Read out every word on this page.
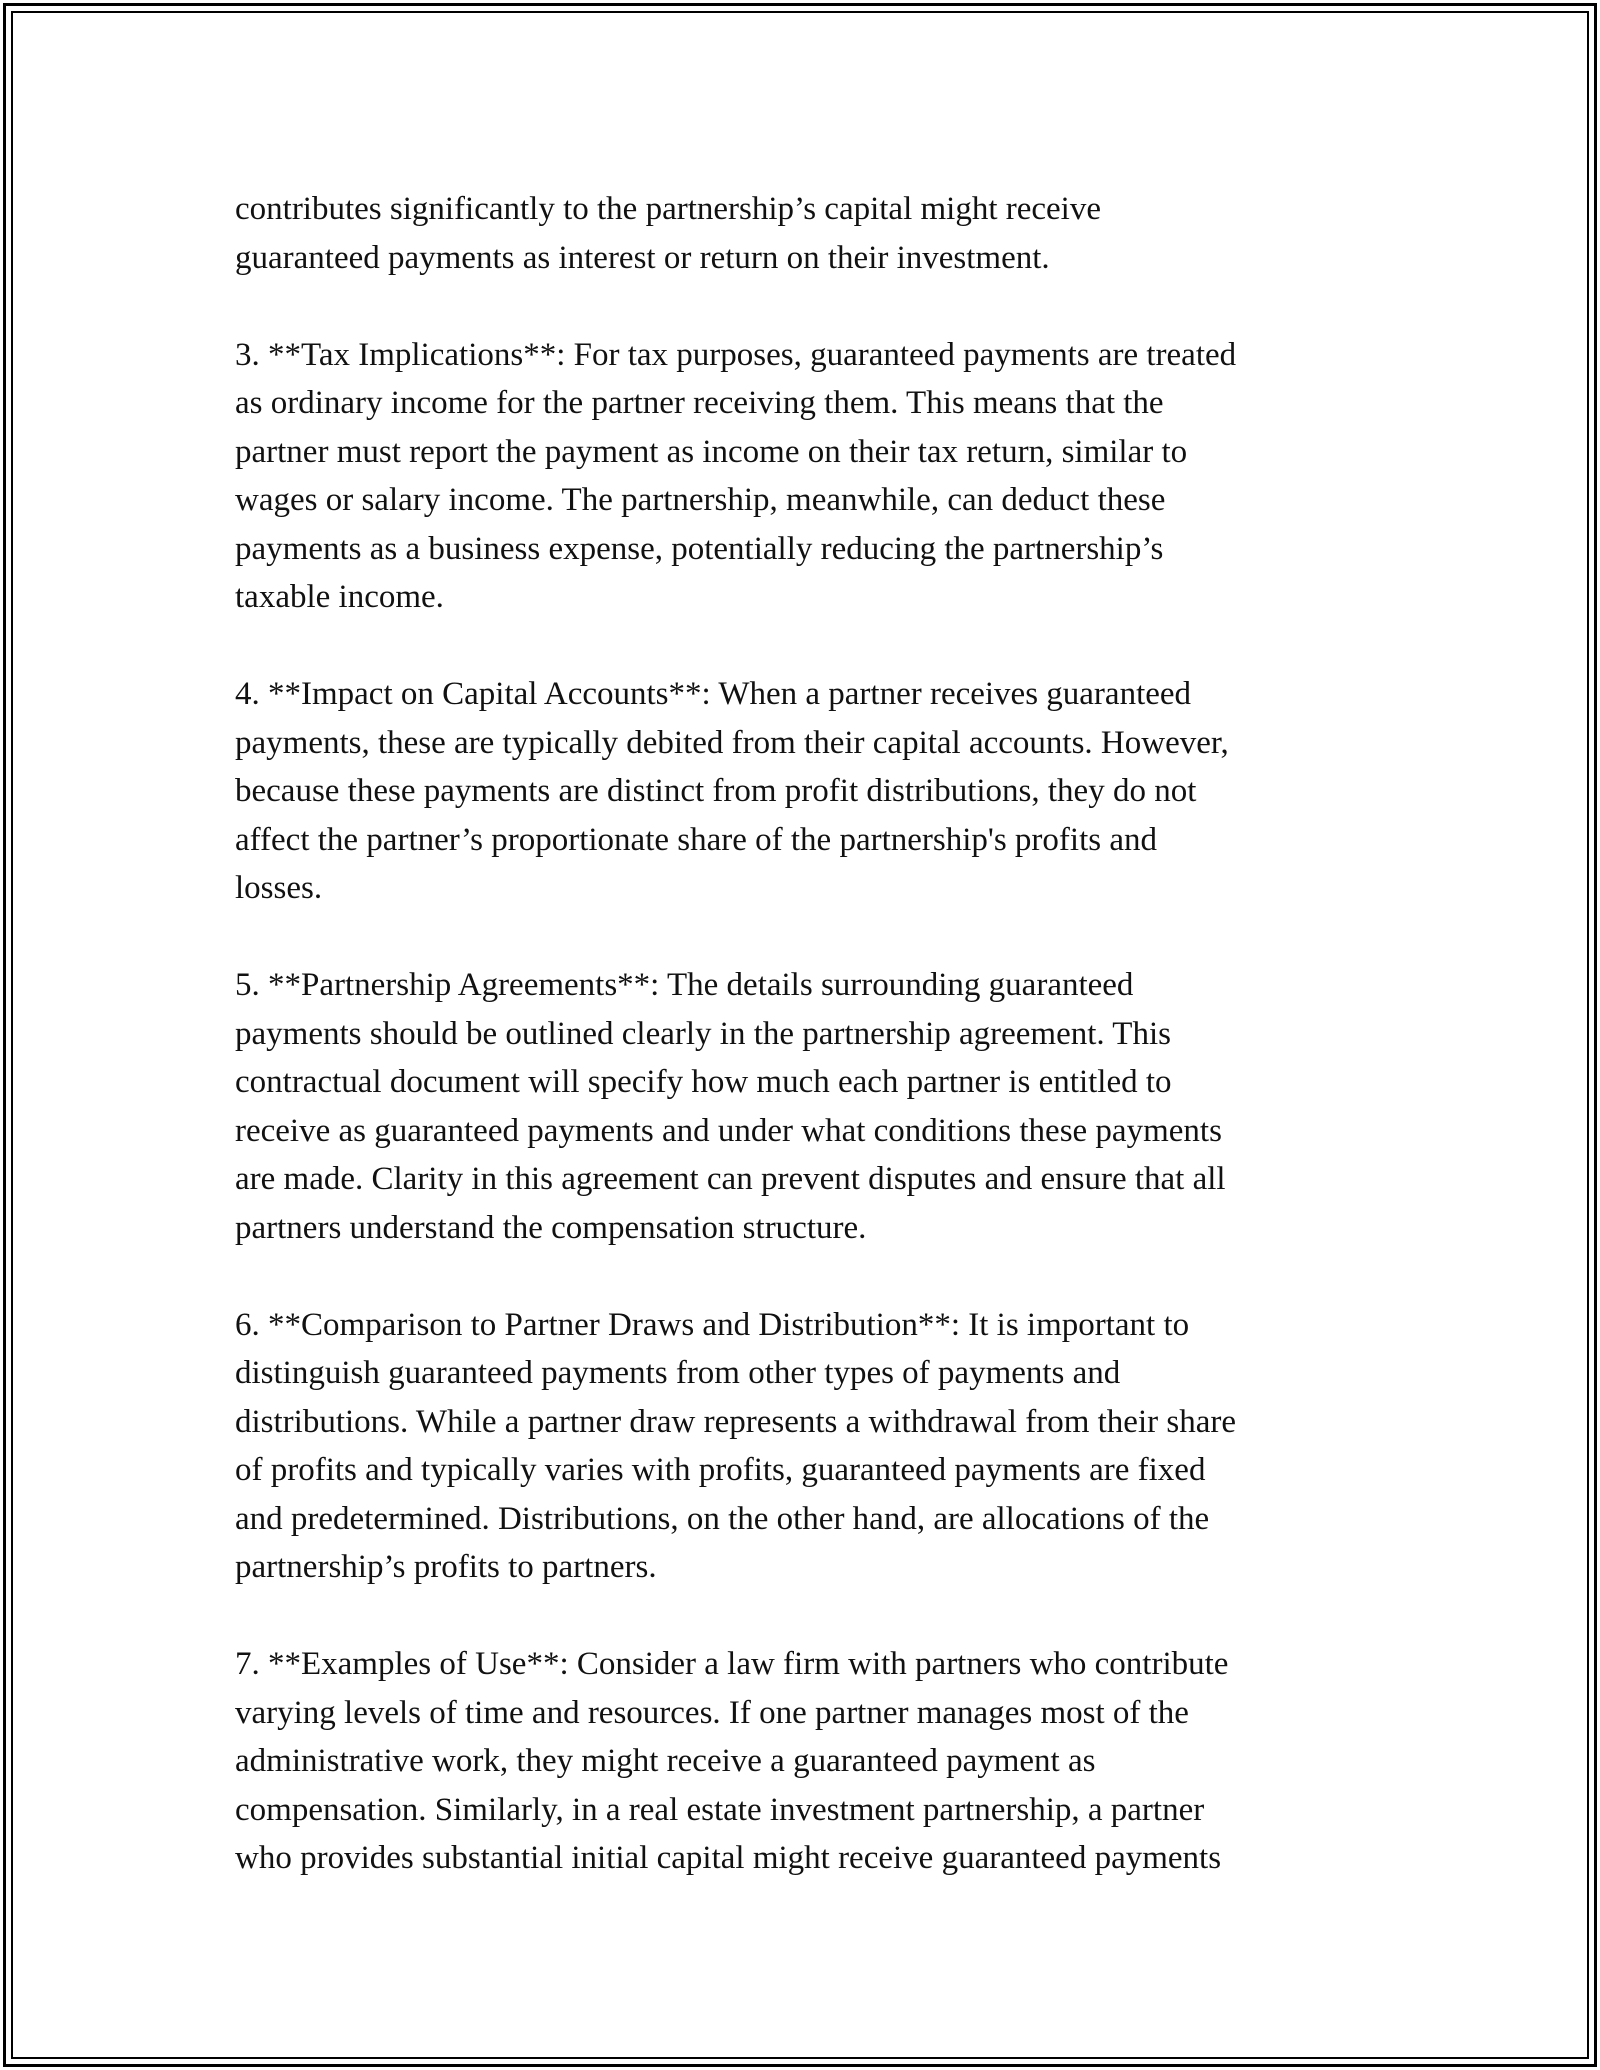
contributes significantly to the partnership’s capital might receive
guaranteed payments as interest or return on their investment.

3. **Tax Implications**: For tax purposes, guaranteed payments are treated
as ordinary income for the partner receiving them. This means that the
partner must report the payment as income on their tax return, similar to
wages or salary income. The partnership, meanwhile, can deduct these
payments as a business expense, potentially reducing the partnership’s
taxable income.

4. **Impact on Capital Accounts**: When a partner receives guaranteed
payments, these are typically debited from their capital accounts. However,
because these payments are distinct from profit distributions, they do not
affect the partner’s proportionate share of the partnership's profits and
losses.

5. **Partnership Agreements**: The details surrounding guaranteed
payments should be outlined clearly in the partnership agreement. This
contractual document will specify how much each partner is entitled to
receive as guaranteed payments and under what conditions these payments
are made. Clarity in this agreement can prevent disputes and ensure that all
partners understand the compensation structure.

6. **Comparison to Partner Draws and Distribution**: It is important to
distinguish guaranteed payments from other types of payments and
distributions. While a partner draw represents a withdrawal from their share
of profits and typically varies with profits, guaranteed payments are fixed
and predetermined. Distributions, on the other hand, are allocations of the
partnership’s profits to partners.

7. **Examples of Use**: Consider a law firm with partners who contribute
varying levels of time and resources. If one partner manages most of the
administrative work, they might receive a guaranteed payment as
compensation. Similarly, in a real estate investment partnership, a partner
who provides substantial initial capital might receive guaranteed payments
